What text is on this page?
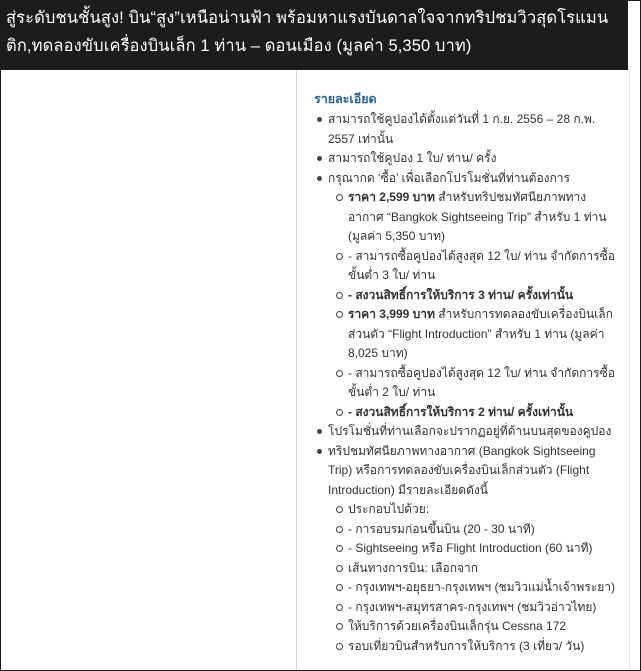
สู่ระดับชนชั้นสูง! บิน“สูง”เหนือน่านฟ้า พร้อมหาแรงบันดาลใจจากทริปชมวิวสุดโรแมนติก,ทดลองขับเครื่องบินเล็ก 1 ท่าน – ดอนเมือง (มูลค่า 5,350 บาท)
รายละเอียด
สามารถใช้คูปองได้ตั้งแต่วันที่ 1 ก.ย. 2556 – 28 ก.พ. 2557 เท่านั้น
สามารถใช้คูปอง 1 ใบ/ ท่าน/ ครั้ง
กรุณากด ‘ซื้อ’ เพื่อเลือกโปรโมชั่นที่ท่านต้องการ
ราคา 2,599 บาท สำหรับทริปชมทัศนียภาพทางอากาศ “Bangkok Sightseeing Trip” สำหรับ 1 ท่าน (มูลค่า 5,350 บาท)
- สามารถซื้อคูปองได้สูงสุด 12 ใบ/ ท่าน จำกัดการซื้อขั้นต่ำ 3 ใบ/ ท่าน
- สงวนสิทธิ์การให้บริการ 3 ท่าน/ ครั้งเท่านั้น
ราคา 3,999 บาท สำหรับการทดลองขับเครื่องบินเล็กส่วนตัว “Flight Introduction” สำหรับ 1 ท่าน (มูลค่า 8,025 บาท)
- สามารถซื้อคูปองได้สูงสุด 12 ใบ/ ท่าน จำกัดการซื้อขั้นต่ำ 2 ใบ/ ท่าน
- สงวนสิทธิ์การให้บริการ 2 ท่าน/ ครั้งเท่านั้น
โปรโมชั่นที่ท่านเลือกจะปรากฏอยู่ที่ด้านบนสุดของคูปอง
ทริปชมทัศนียภาพทางอากาศ (Bangkok Sightseeing Trip) หรือการทดลองขับเครื่องบินเล็กส่วนตัว (Flight Introduction) มีรายละเอียดดังนี้
ประกอบไปด้วย:
- การอบรมก่อนขึ้นบิน (20 - 30 นาที)
- Sightseeing หรือ Flight Introduction (60 นาที)
เส้นทางการบิน: เลือกจาก
- กรุงเทพฯ-อยุธยา-กรุงเทพฯ (ชมวิวแม่น้ำเจ้าพระยา)
- กรุงเทพฯ-สมุทรสาคร-กรุงเทพฯ (ชมวิวอ่าวไทย)
ให้บริการด้วยเครื่องบินเล็กรุ่น Cessna 172
รอบเที่ยวบินสำหรับการให้บริการ (3 เที่ยว/ วัน)
